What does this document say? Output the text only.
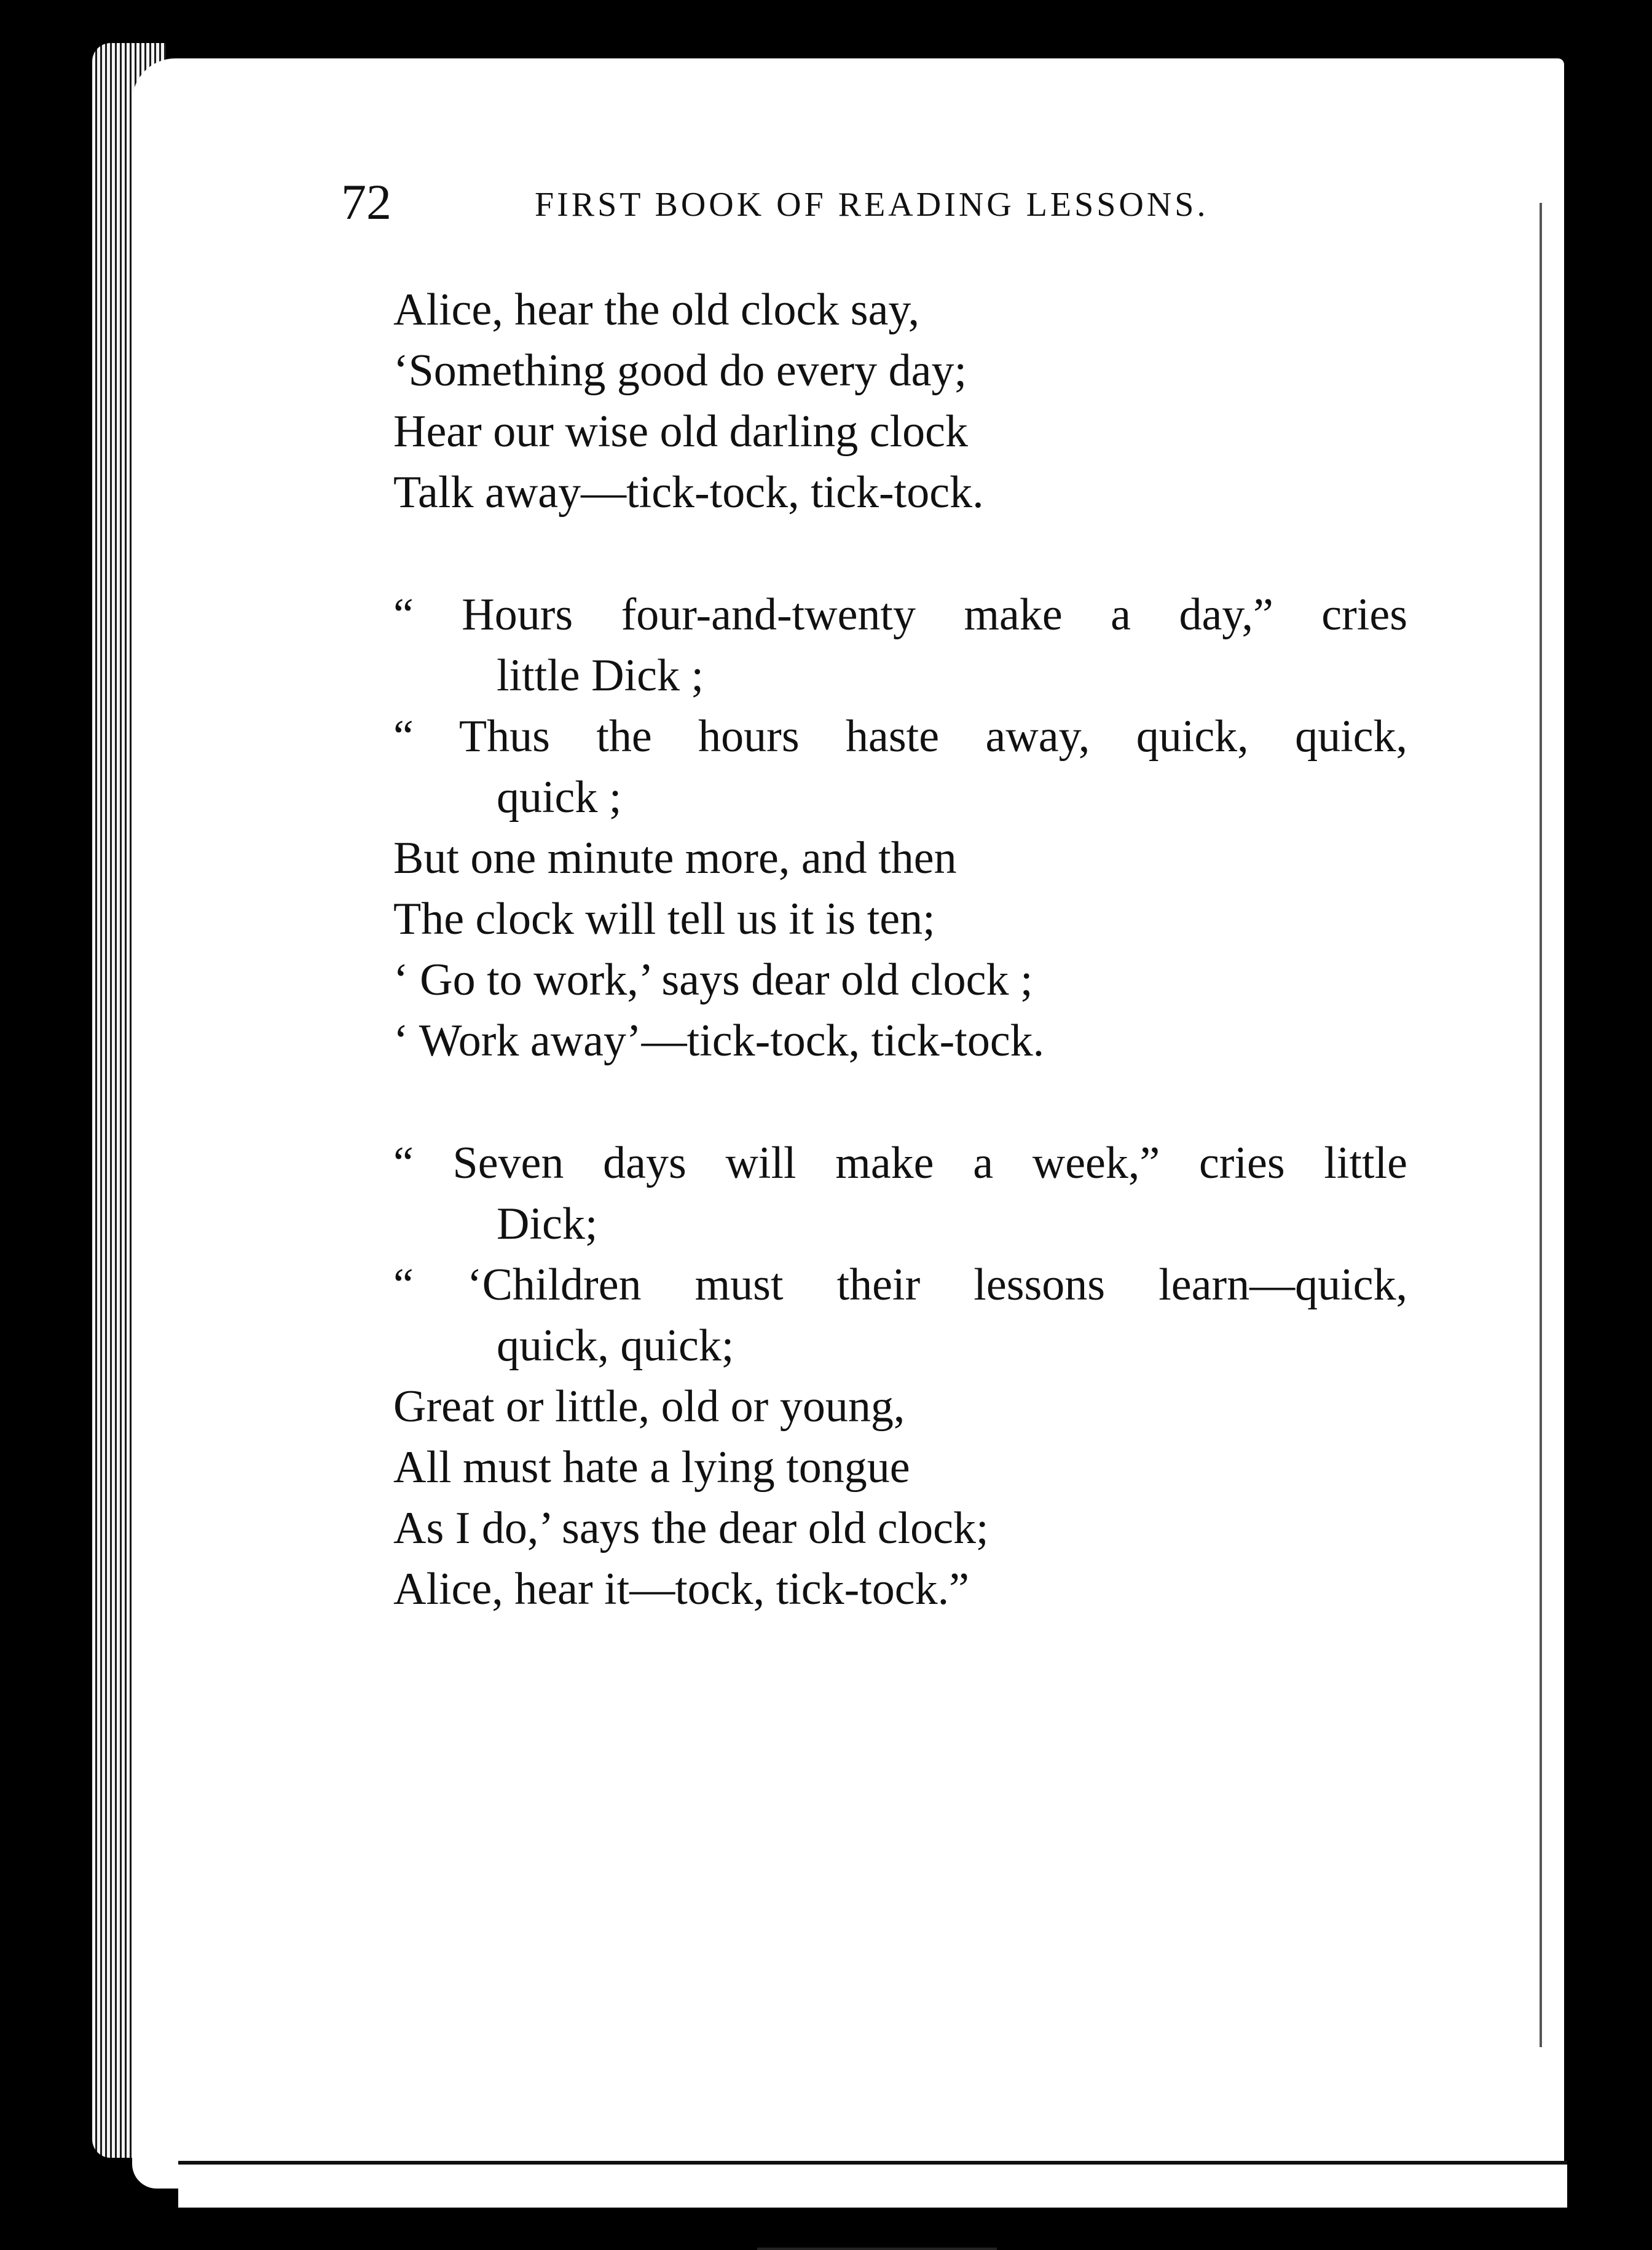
72	FIRST BOOK OF READING LESSONS.

Alice, hear the old clock say,
‘Something good do every day;
Hear our wise old darling clock
Talk away—tick-tock, tick-tock.
“ Hours four-and-twenty make a day,” cries
little Dick ;
“ Thus the hours haste away, quick, quick,
quick ;
But one minute more, and then
The clock will tell us it is ten;
‘ Go to work,’ says dear old clock ;
‘ Work away’—tick-tock, tick-tock.
“ Seven days will make a week,” cries little
Dick;
“ ‘Children must their lessons learn—quick,
quick, quick;
Great or little, old or young,
All must hate a lying tongue
As I do,’ says the dear old clock;
Alice, hear it—tock, tick-tock.”
